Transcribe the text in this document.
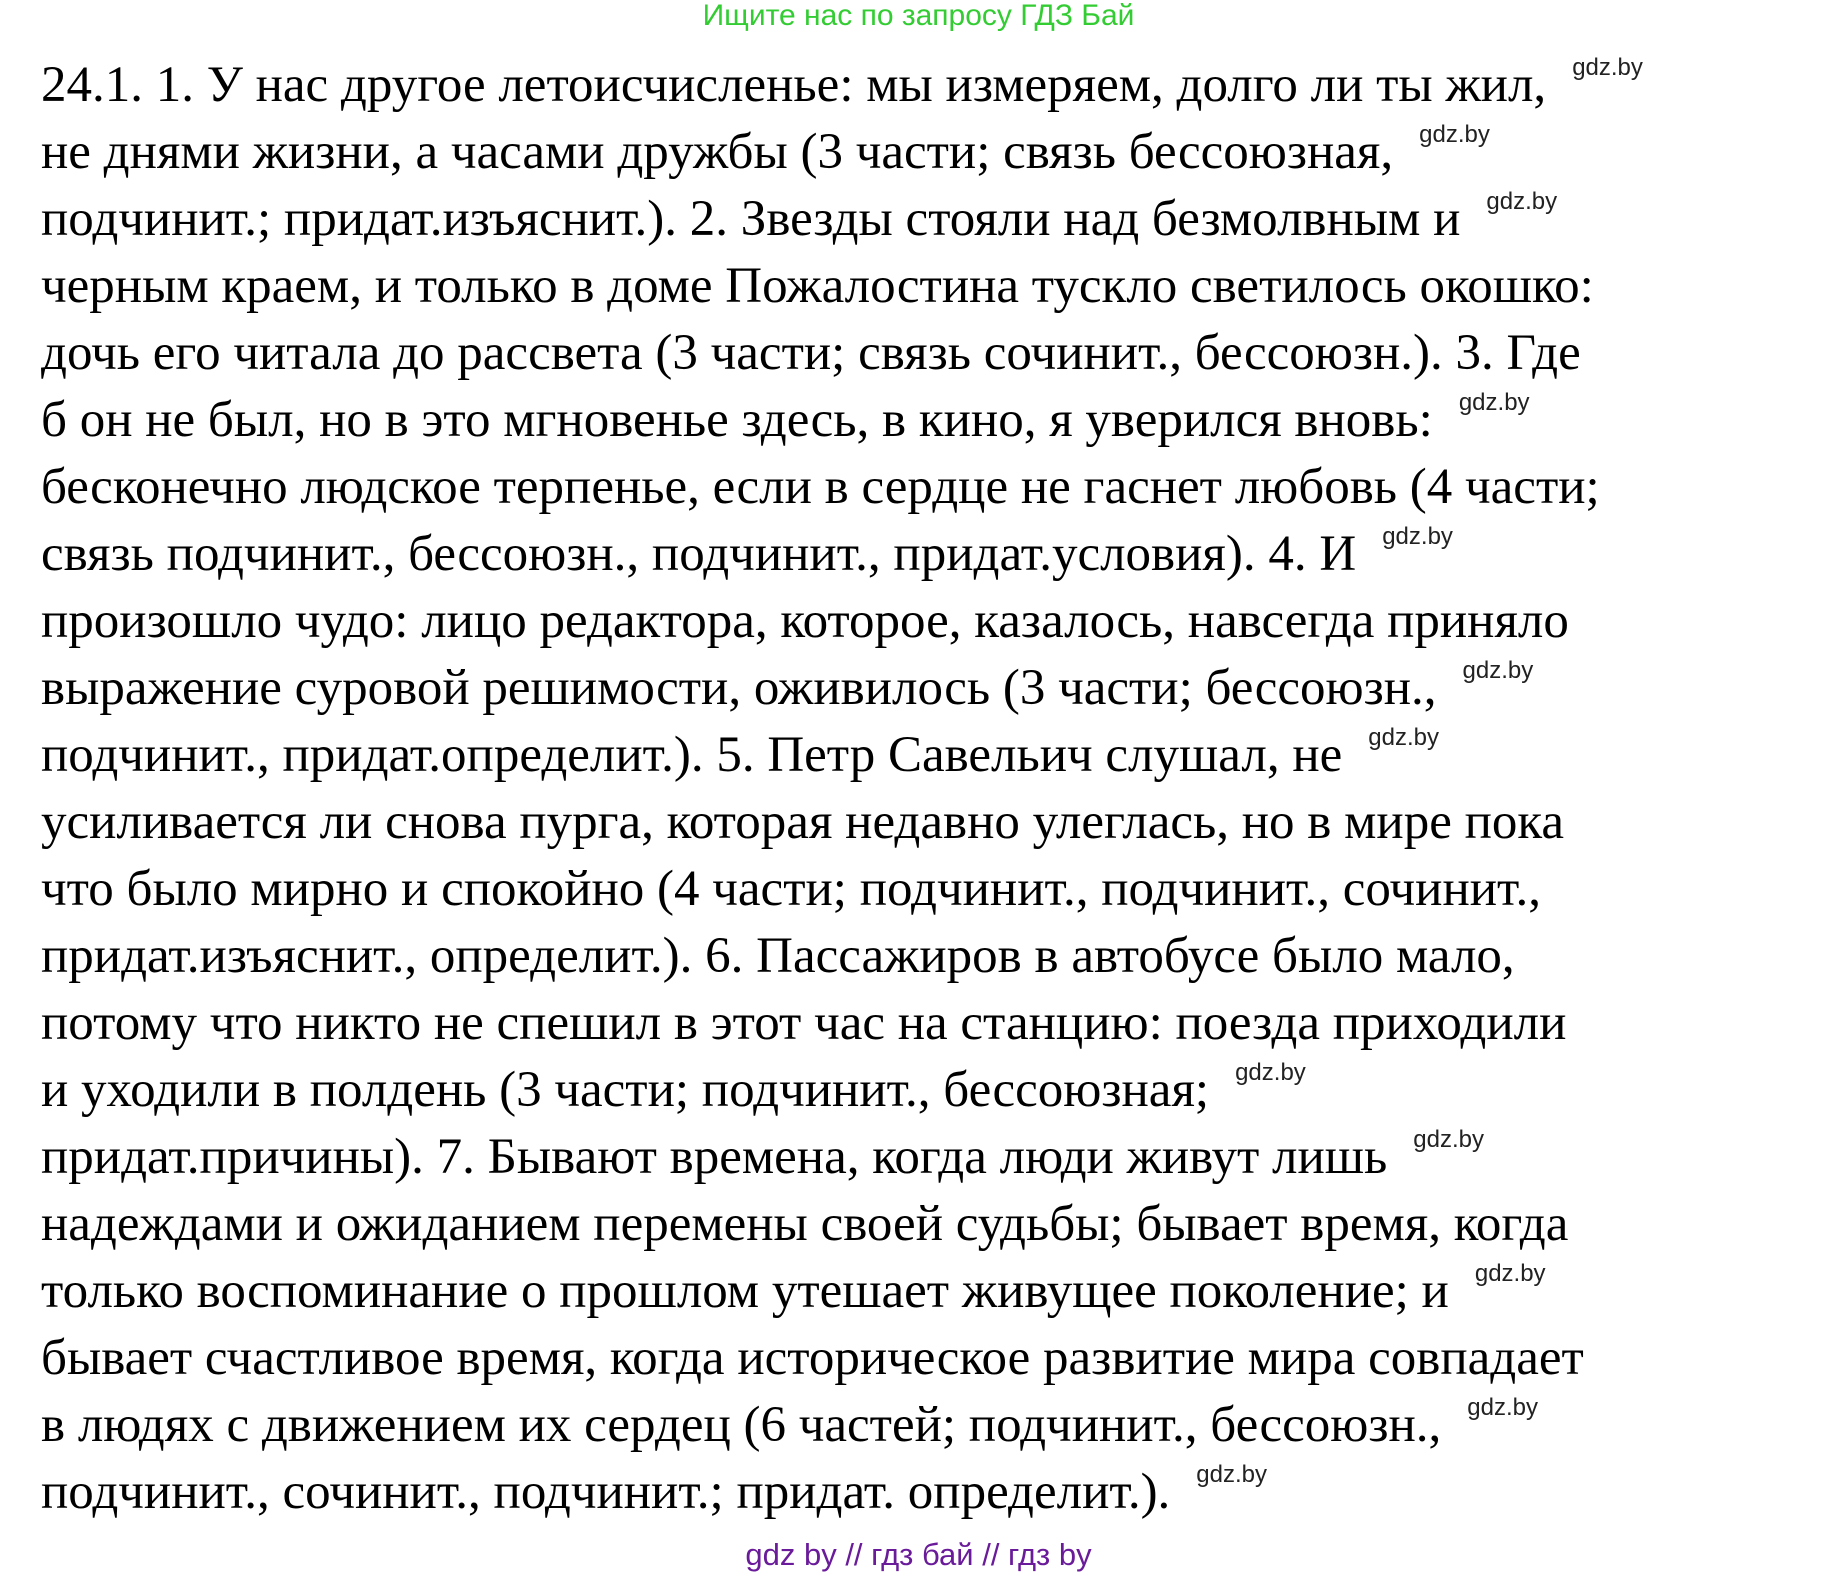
Ищите нас по запросу ГДЗ Бай
24.1. 1. У нас другое летоисчисленье: мы измеряем, долго ли ты жил, gdz.by
не днями жизни, а часами дружбы (3 части; связь бессоюзная, gdz.by
подчинит.; придат.изъяснит.). 2. Звезды стояли над безмолвным и gdz.by
черным краем, и только в доме Пожалостина тускло светилось окошко:
дочь его читала до рассвета (3 части; связь сочинит., бессоюзн.). 3. Где
б он не был, но в это мгновенье здесь, в кино, я уверился вновь: gdz.by
бесконечно людское терпенье, если в сердце не гаснет любовь (4 части;
связь подчинит., бессоюзн., подчинит., придат.условия). 4. И gdz.by
произошло чудо: лицо редактора, которое, казалось, навсегда приняло
выражение суровой решимости, оживилось (3 части; бессоюзн., gdz.by
подчинит., придат.определит.). 5. Петр Савельич слушал, не gdz.by
усиливается ли снова пурга, которая недавно улеглась, но в мире пока
что было мирно и спокойно (4 части; подчинит., подчинит., сочинит.,
придат.изъяснит., определит.). 6. Пассажиров в автобусе было мало,
потому что никто не спешил в этот час на станцию: поезда приходили
и уходили в полдень (3 части; подчинит., бессоюзная; gdz.by
придат.причины). 7. Бывают времена, когда люди живут лишь gdz.by
надеждами и ожиданием перемены своей судьбы; бывает время, когда
только воспоминание о прошлом утешает живущее поколение; и gdz.by
бывает счастливое время, когда историческое развитие мира совпадает
в людях с движением их сердец (6 частей; подчинит., бессоюзн., gdz.by
подчинит., сочинит., подчинит.; придат. определит.). gdz.by
gdz by // гдз бай // гдз by
